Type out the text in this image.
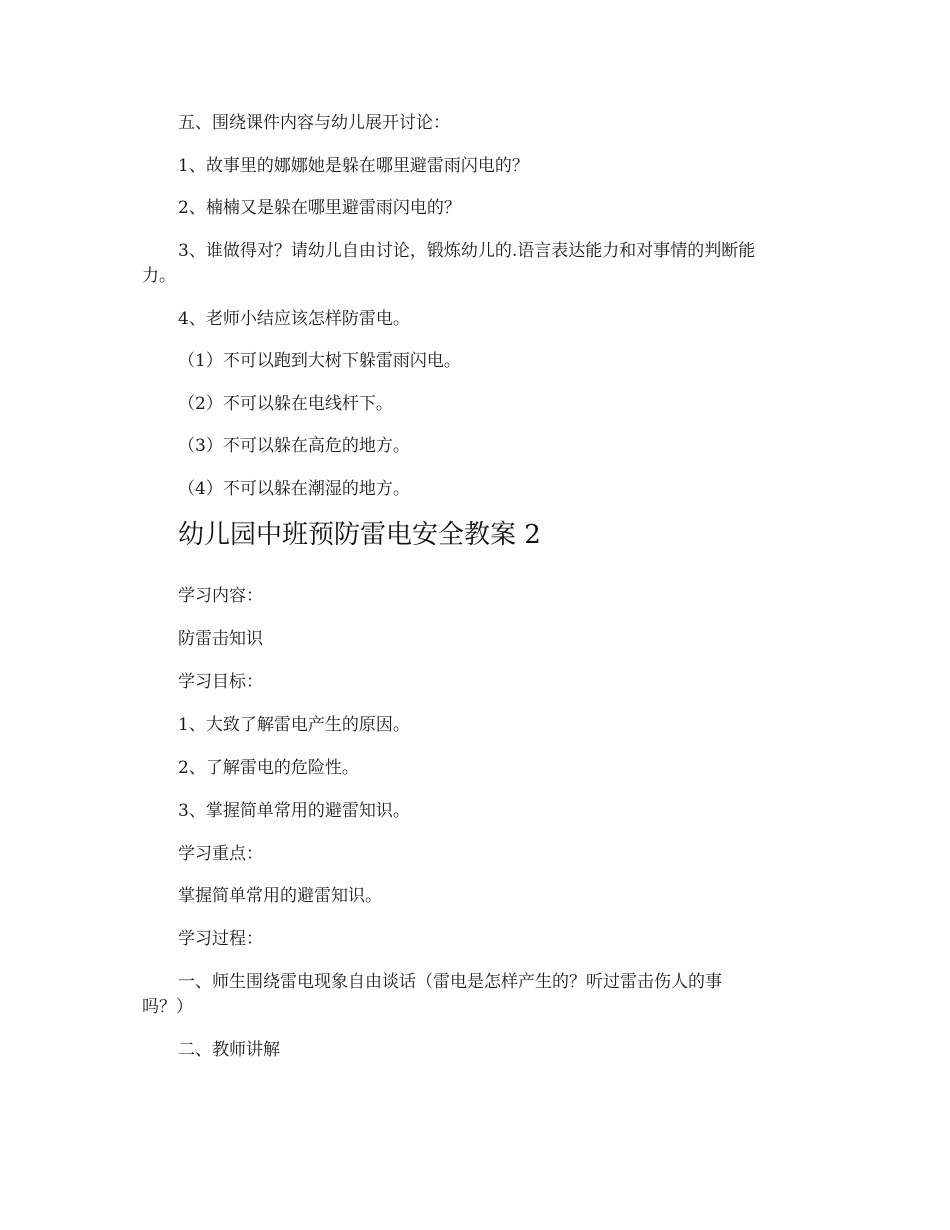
五、围绕课件内容与幼儿展开讨论：
1、故事里的娜娜她是躲在哪里避雷雨闪电的？
2、楠楠又是躲在哪里避雷雨闪电的？
3、谁做得对？请幼儿自由讨论，锻炼幼儿的.语言表达能力和对事情的判断能
力。
4、老师小结应该怎样防雷电。
（1）不可以跑到大树下躲雷雨闪电。
（2）不可以躲在电线杆下。
（3）不可以躲在高危的地方。
（4）不可以躲在潮湿的地方。
幼儿园中班预防雷电安全教案 2
学习内容：
防雷击知识
学习目标：
1、大致了解雷电产生的原因。
2、了解雷电的危险性。
3、掌握简单常用的避雷知识。
学习重点：
掌握简单常用的避雷知识。
学习过程：
一、师生围绕雷电现象自由谈话（雷电是怎样产生的？听过雷击伤人的事
吗？）
二、教师讲解
